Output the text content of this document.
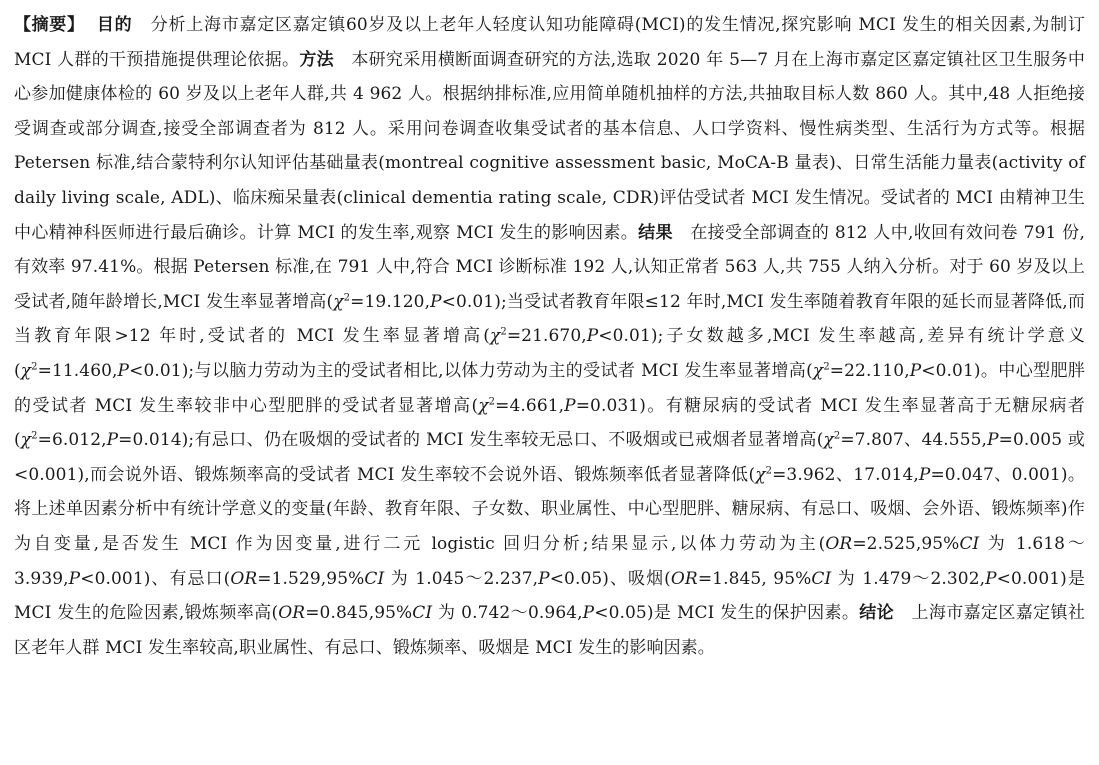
【摘要】 目的 分析上海市嘉定区嘉定镇60岁及以上老年人轻度认知功能障碍(MCI)的发生情况,探究影响 MCI 发生的相关因素,为制订 MCI 人群的干预措施提供理论依据。方法 本研究采用横断面调查研究的方法,选取 2020 年 5—7 月在上海市嘉定区嘉定镇社区卫生服务中心参加健康体检的 60 岁及以上老年人群,共 4 962 人。根据纳排标准,应用简单随机抽样的方法,共抽取目标人数 860 人。其中,48 人拒绝接受调查或部分调查,接受全部调查者为 812 人。采用问卷调查收集受试者的基本信息、人口学资料、慢性病类型、生活行为方式等。根据 Petersen 标准,结合蒙特利尔认知评估基础量表(montreal cognitive assessment basic, MoCA-B 量表)、日常生活能力量表(activity of daily living scale, ADL)、临床痴呆量表(clinical dementia rating scale, CDR)评估受试者 MCI 发生情况。受试者的 MCI 由精神卫生中心精神科医师进行最后确诊。计算 MCI 的发生率,观察 MCI 发生的影响因素。结果 在接受全部调查的 812 人中,收回有效问卷 791 份,有效率 97.41%。根据 Petersen 标准,在 791 人中,符合 MCI 诊断标准 192 人,认知正常者 563 人,共 755 人纳入分析。对于 60 岁及以上受试者,随年龄增长,MCI 发生率显著增高$(\chi^2=19.120,P<0.01)$;当受试者教育年限≤12 年时,MCI 发生率随着教育年限的延长而显著降低,而当教育年限>12 年时,受试者的 MCI 发生率显著增高$(\chi^2=21.670,P<0.01)$;子女数越多,MCI 发生率越高,差异有统计学意义$(\chi^2=11.460,P<0.01)$;与以脑力劳动为主的受试者相比,以体力劳动为主的受试者 MCI 发生率显著增高$(\chi^2=22.110,P<0.01)$。中心型肥胖的受试者 MCI 发生率较非中心型肥胖的受试者显著增高$(\chi^2=4.661,P=0.031)$。有糖尿病的受试者 MCI 发生率显著高于无糖尿病者$(\chi^2=6.012,P=0.014)$;有忌口、仍在吸烟的受试者的 MCI 发生率较无忌口、不吸烟或已戒烟者显著增高($\chi^2=7.807$、44.555,P=0.005 或<0.001),而会说外语、锻炼频率高的受试者 MCI 发生率较不会说外语、锻炼频率低者显著降低($\chi^2=3.962$、17.014,P=0.047、0.001)。将上述单因素分析中有统计学意义的变量(年龄、教育年限、子女数、职业属性、中心型肥胖、糖尿病、有忌口、吸烟、会外语、锻炼频率)作为自变量,是否发生 MCI 作为因变量,进行二元 logistic 回归分析;结果显示,以体力劳动为主(OR=2.525,95%CI 为 1.618～3.939,P<0.001)、有忌口(OR=1.529,95%CI 为 1.045～2.237,P<0.05)、吸烟(OR=1.845, 95%CI 为 1.479～2.302,P<0.001)是 MCI 发生的危险因素,锻炼频率高(OR=0.845,95%CI 为 0.742～0.964,P<0.05)是 MCI 发生的保护因素。结论 上海市嘉定区嘉定镇社区老年人群 MCI 发生率较高,职业属性、有忌口、锻炼频率、吸烟是 MCI 发生的影响因素。
